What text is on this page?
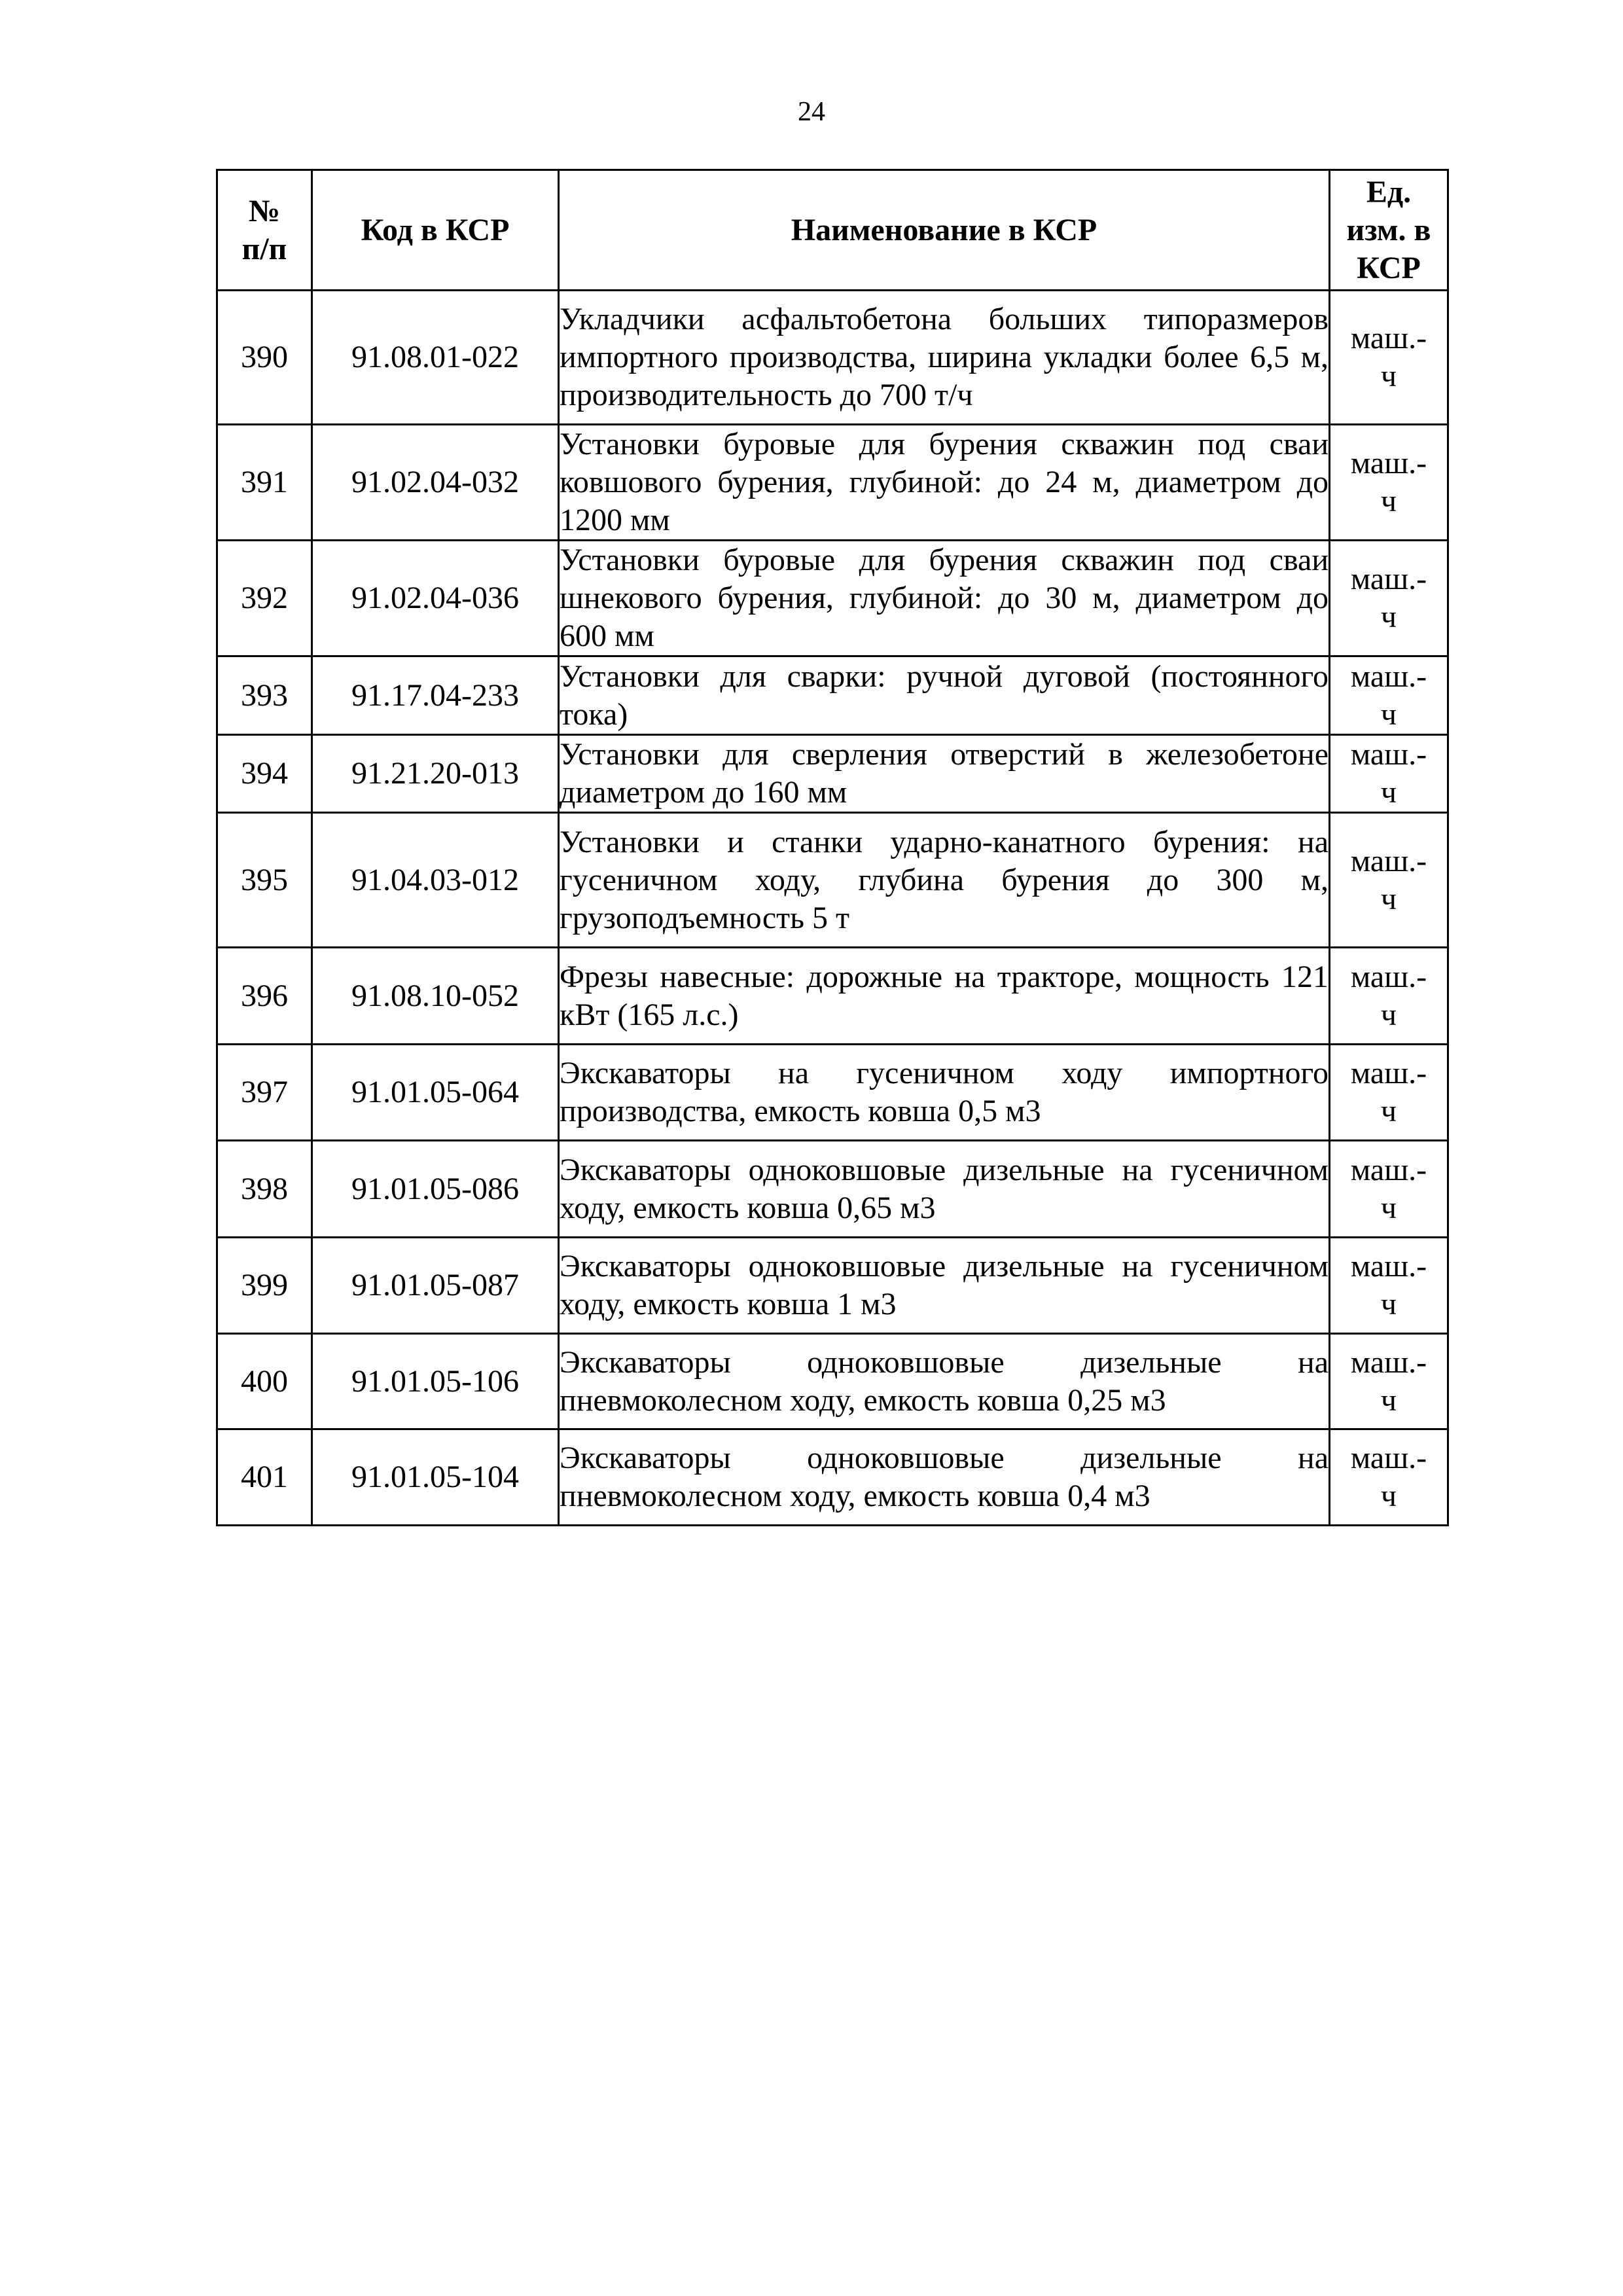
24
№
п/п	Код в КСР	Наименование в КСР	Ед.
изм. в
КСР

390	91.08.01-022	Укладчики асфальтобетона больших типоразмеров импортного производства, ширина укладки более 6,5 м, производительность до 700 т/ч	маш.-
ч

391	91.02.04-032	Установки буровые для бурения скважин под сваи ковшового бурения, глубиной: до 24 м, диаметром до 1200 мм	маш.-
ч

392	91.02.04-036	Установки буровые для бурения скважин под сваи шнекового бурения, глубиной: до 30 м, диаметром до 600 мм	маш.-
ч

393	91.17.04-233	Установки для сварки: ручной дуговой (постоянного тока)	маш.-
ч

394	91.21.20-013	Установки для сверления отверстий в железобетоне диаметром до 160 мм	маш.-
ч

395	91.04.03-012	Установки и станки ударно-канатного бурения: на гусеничном ходу, глубина бурения до 300 м, грузоподъемность 5 т	маш.-
ч

396	91.08.10-052	Фрезы навесные: дорожные на тракторе, мощность 121 кВт (165 л.с.)	маш.-
ч

397	91.01.05-064	Экскаваторы на гусеничном ходу импортного производства, емкость ковша 0,5 м3	маш.-
ч

398	91.01.05-086	Экскаваторы одноковшовые дизельные на гусеничном ходу, емкость ковша 0,65 м3	маш.-
ч

399	91.01.05-087	Экскаваторы одноковшовые дизельные на гусеничном ходу, емкость ковша 1 м3	маш.-
ч

400	91.01.05-106	Экскаваторы одноковшовые дизельные на пневмоколесном ходу, емкость ковша 0,25 м3	маш.-
ч

401	91.01.05-104	Экскаваторы одноковшовые дизельные на пневмоколесном ходу, емкость ковша 0,4 м3	маш.-
ч
